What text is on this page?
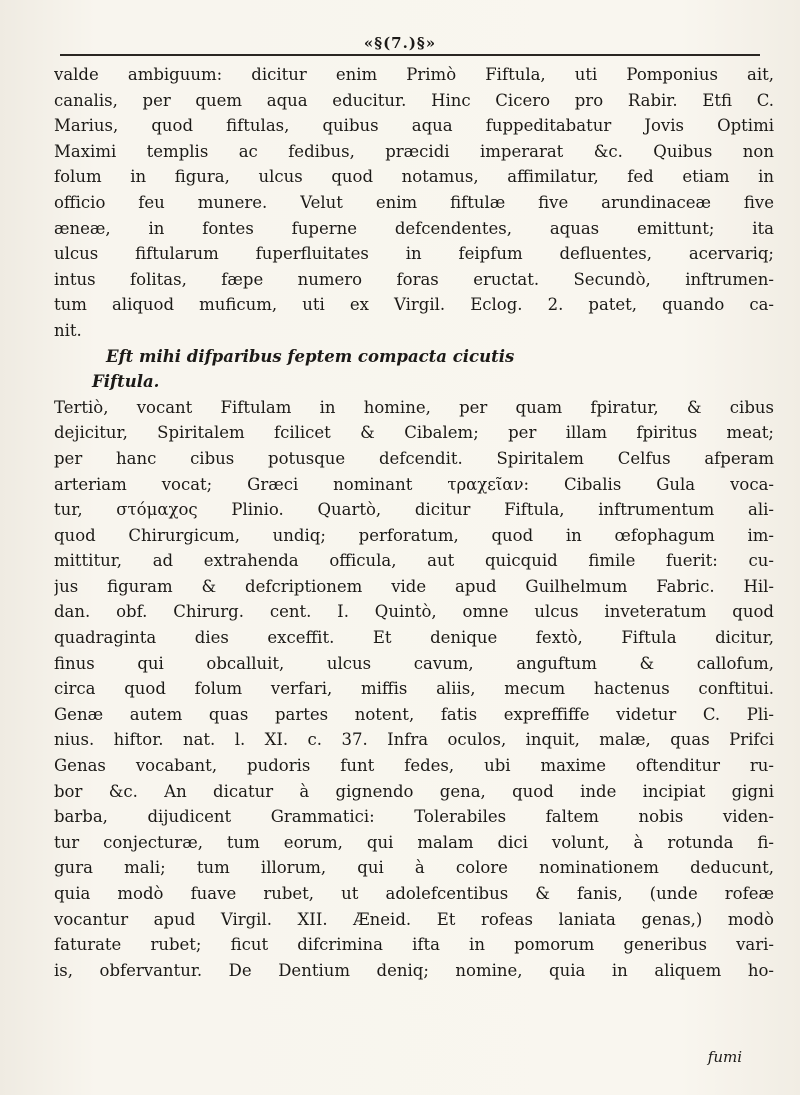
«§(7.)§»
valde ambiguum: dicitur enim Primò Fiftula, uti Pomponius ait,
canalis, per quem aqua educitur. Hinc Cicero pro Rabir. Etfi C.
Marius, quod fiftulas, quibus aqua fuppeditabatur Jovis Optimi
Maximi templis ac fedibus, præcidi imperarat &c. Quibus non
folum in figura, ulcus quod notamus, affimilatur, fed etiam in
officio feu munere. Velut enim fiftulæ five arundinaceæ five
æneæ, in fontes fuperne defcendentes, aquas emittunt; ita
ulcus fiftularum fuperfluitates in feipfum defluentes, acervariq;
intus folitas, fæpe numero foras eructat. Secundò, inftrumen-
tum aliquod muficum, uti ex Virgil. Eclog. 2. patet, quando ca-
nit.
Eft mihi difparibus feptem compacta cicutis
Fiftula.
Tertiò, vocant Fiftulam in homine, per quam fpiratur, & cibus
dejicitur, Spiritalem fcilicet & Cibalem; per illam fpiritus meat;
per hanc cibus potusque defcendit. Spiritalem Celfus afperam
arteriam vocat; Græci nominant τραχεῖαν: Cibalis Gula voca-
tur, στόμαχος Plinio. Quartò, dicitur Fiftula, inftrumentum ali-
quod Chirurgicum, undiq; perforatum, quod in œfophagum im-
mittitur, ad extrahenda officula, aut quicquid fimile fuerit: cu-
jus figuram & defcriptionem vide apud Guilhelmum Fabric. Hil-
dan. obf. Chirurg. cent. I. Quintò, omne ulcus inveteratum quod
quadraginta dies exceffit. Et denique fextò, Fiftula dicitur,
finus qui obcalluit, ulcus cavum, anguftum & callofum,
circa quod folum verfari, miffis aliis, mecum hactenus conftitui.
Genæ autem quas partes notent, fatis expreffiffe videtur C. Pli-
nius. hiftor. nat. l. XI. c. 37. Infra oculos, inquit, malæ, quas Prifci
Genas vocabant, pudoris funt fedes, ubi maxime oftenditur ru-
bor &c. An dicatur à gignendo gena, quod inde incipiat gigni
barba, dijudicent Grammatici: Tolerabiles faltem nobis viden-
tur conjecturæ, tum eorum, qui malam dici volunt, à rotunda fi-
gura mali; tum illorum, qui à colore nominationem deducunt,
quia modò fuave rubet, ut adolefcentibus & fanis, (unde rofeæ
vocantur apud Virgil. XII. Æneid. Et rofeas laniata genas,) modò
faturate rubet; ficut difcrimina ifta in pomorum generibus vari-
is, obfervantur. De Dentium deniq; nomine, quia in aliquem ho-
fumi
